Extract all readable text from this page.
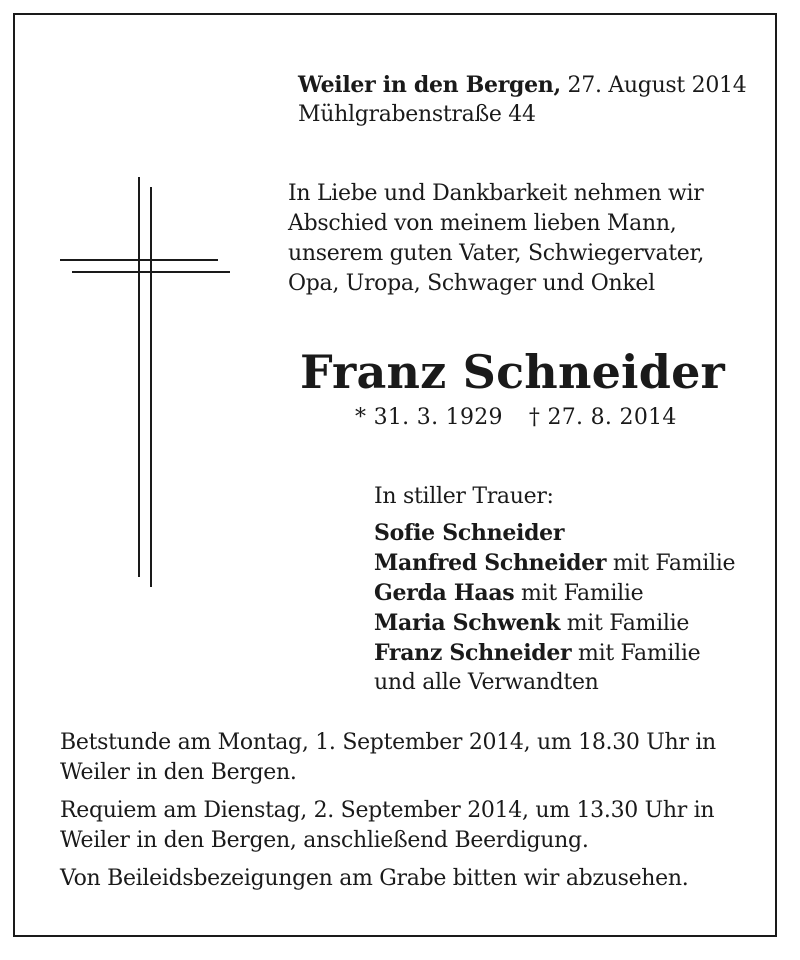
Weiler in den Bergen, 27. August 2014
Mühlgrabenstraße 44
In Liebe und Dankbarkeit nehmen wir
Abschied von meinem lieben Mann,
unserem guten Vater, Schwiegervater,
Opa, Uropa, Schwager und Onkel
Franz Schneider
* 31. 3. 1929 † 27. 8. 2014
In stiller Trauer:
Sofie Schneider
Manfred Schneider mit Familie
Gerda Haas mit Familie
Maria Schwenk mit Familie
Franz Schneider mit Familie
und alle Verwandten
Betstunde am Montag, 1. September 2014, um 18.30 Uhr in
Weiler in den Bergen.
Requiem am Dienstag, 2. September 2014, um 13.30 Uhr in
Weiler in den Bergen, anschließend Beerdigung.
Von Beileidsbezeigungen am Grabe bitten wir abzusehen.
